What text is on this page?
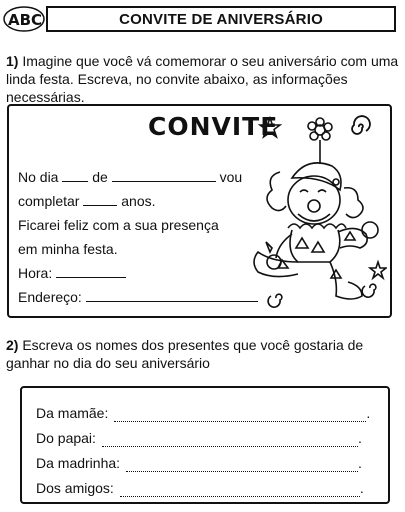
ABC	CONVITE DE ANIVERSÁRIO
1) Imagine que você vá comemorar o seu aniversário com uma linda festa. Escreva, no convite abaixo, as informações necessárias.
CONVITE
No dia de	vou
completar	anos.
Ficarei feliz com a sua presença
em minha festa.
Hora:
Endereço:
2) Escreva os nomes dos presentes que você gostaria de ganhar no dia do seu aniversário
Da mamãe:	.
Do papai:	.
Da madrinha:	.
Dos amigos:	.
